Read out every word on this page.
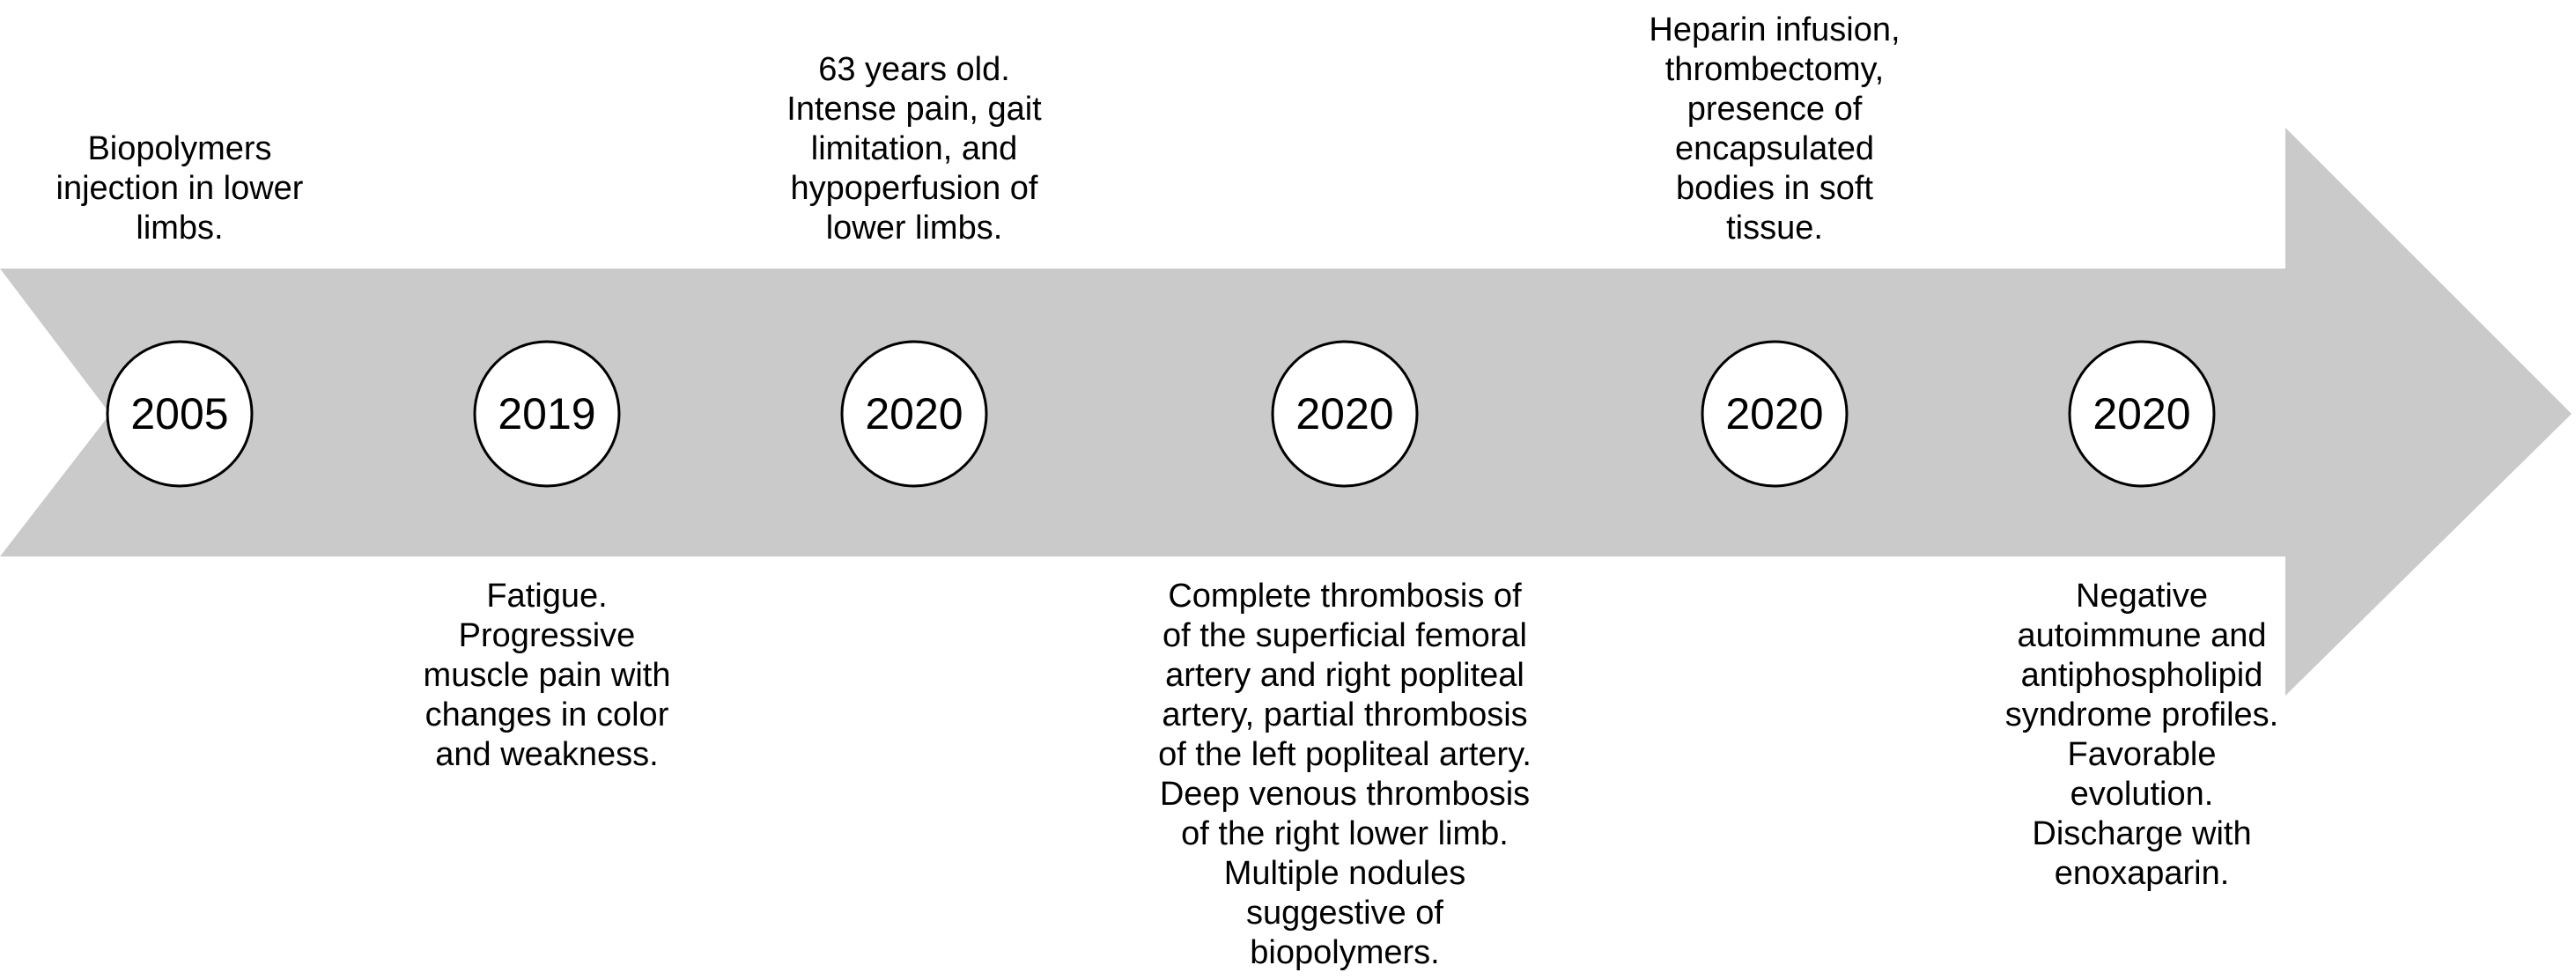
2005	2019	2020	2020	2020	2020
Biopolymers
injection in lower
limbs.
Fatigue.
Progressive
muscle pain with
changes in color
and weakness.
63 years old.
Intense pain, gait
limitation, and
hypoperfusion of
lower limbs.
Complete thrombosis of
of the superficial femoral
artery and right popliteal
artery, partial thrombosis
of the left popliteal artery.
Deep venous thrombosis
of the right lower limb.
Multiple nodules
suggestive of
biopolymers.
Heparin infusion,
thrombectomy,
presence of
encapsulated
bodies in soft
tissue.
Negative
autoimmune and
antiphospholipid
syndrome profiles.
Favorable
evolution.
Discharge with
enoxaparin.
